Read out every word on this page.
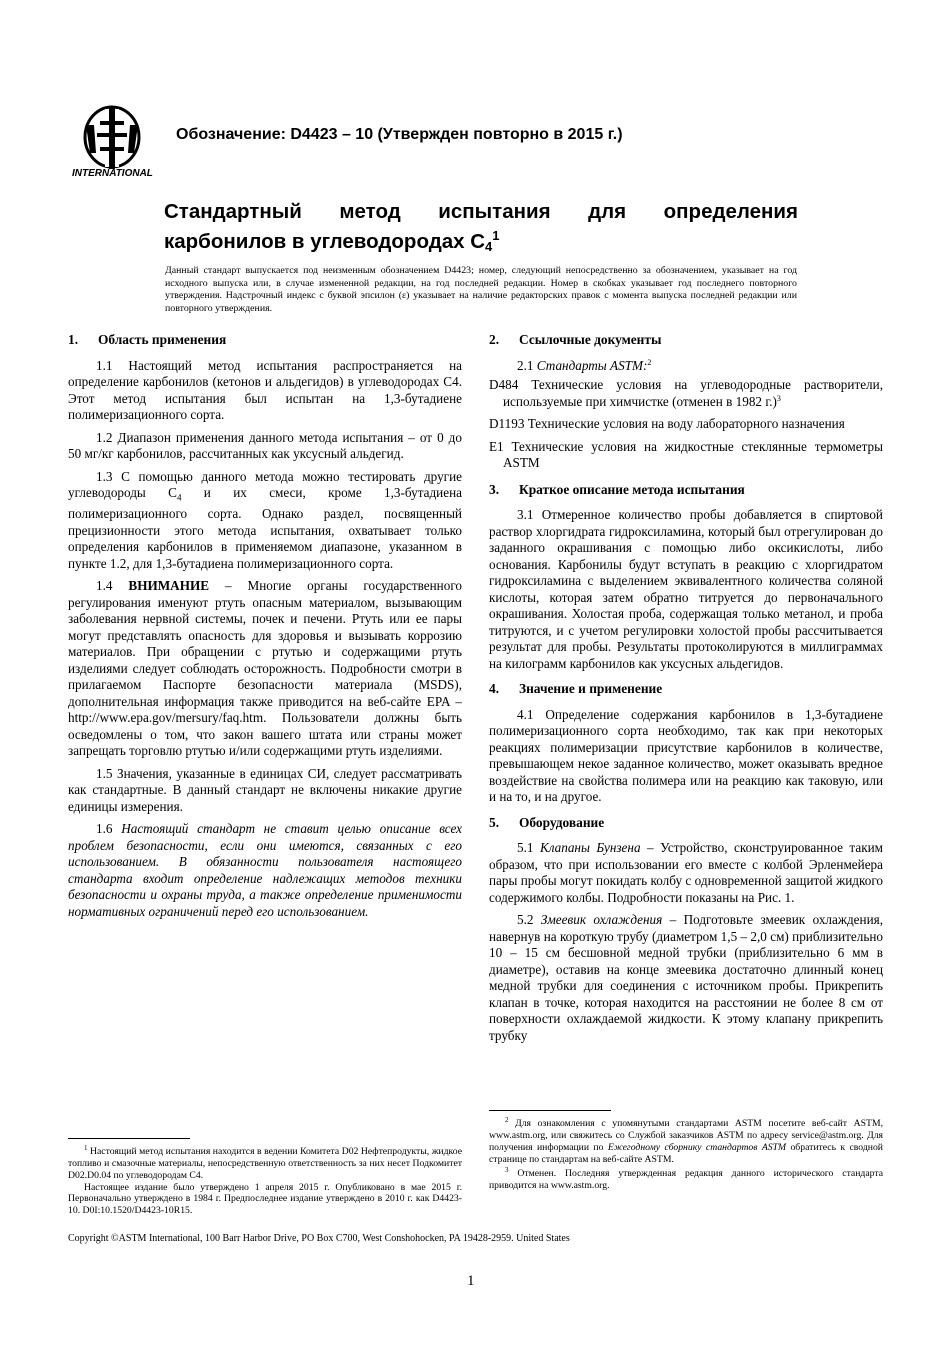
INTERNATIONAL
Обозначение: D4423 – 10 (Утвержден повторно в 2015 г.)
Стандартный метод испытания для определения карбонилов в углеводородах $C_4^1$
Данный стандарт выпускается под неизменным обозначением D4423; номер, следующий непосредственно за обозначением, указывает на год исходного выпуска или, в случае измененной редакции, на год последней редакции. Номер в скобках указывает год последнего повторного утверждения. Надстрочный индекс с буквой эпсилон (ε) указывает на наличие редакторских правок с момента выпуска последней редакции или повторного утверждения.

1. Область применения

1.1 Настоящий метод испытания распространяется на определение карбонилов (кетонов и альдегидов) в углеводородах C4. Этот метод испытания был испытан на 1,3-бутадиене полимеризационного сорта.

1.2 Диапазон применения данного метода испытания – от 0 до 50 мг/кг карбонилов, рассчитанных как уксусный альдегид.

1.3 С помощью данного метода можно тестировать другие углеводороды $C_4$ и их смеси, кроме 1,3-бутадиена полимеризационного сорта. Однако раздел, посвященный прецизионности этого метода испытания, охватывает только определения карбонилов в применяемом диапазоне, указанном в пункте 1.2, для 1,3-бутадиена полимеризационного сорта.

1.4 ВНИМАНИЕ – Многие органы государственного регулирования именуют ртуть опасным материалом, вызывающим заболевания нервной системы, почек и печени. Ртуть или ее пары могут представлять опасность для здоровья и вызывать коррозию материалов. При обращении с ртутью и содержащими ртуть изделиями следует соблюдать осторожность. Подробности смотри в прилагаемом Паспорте безопасности материала (MSDS), дополнительная информация также приводится на веб-сайте EPA – http://www.epa.gov/mersury/faq.htm. Пользователи должны быть осведомлены о том, что закон вашего штата или страны может запрещать торговлю ртутью и/или содержащими ртуть изделиями.

1.5 Значения, указанные в единицах СИ, следует рассматривать как стандартные. В данный стандарт не включены никакие другие единицы измерения.

1.6 Настоящий стандарт не ставит целью описание всех проблем безопасности, если они имеются, связанных с его использованием. В обязанности пользователя настоящего стандарта входит определение надлежащих методов техники безопасности и охраны труда, а также определение применимости нормативных ограничений перед его использованием.

$^1$ Настоящий метод испытания находится в ведении Комитета D02 Нефтепродукты, жидкое топливо и смазочные материалы, непосредственную ответственность за них несет Подкомитет D02.D0.04 по углеводородам C4.

Настоящее издание было утверждено 1 апреля 2015 г. Опубликовано в мае 2015 г. Первоначально утверждено в 1984 г. Предпоследнее издание утверждено в 2010 г. как D4423-10. D0I:10.1520/D4423-10R15.

2. Ссылочные документы

2.1 Стандарты ASTM:$^2$

D484 Технические условия на углеводородные растворители, используемые при химчистке (отменен в 1982 г.)$^3$

D1193 Технические условия на воду лабораторного назначения

E1 Технические условия на жидкостные стеклянные термометры ASTM

3. Краткое описание метода испытания

3.1 Отмеренное количество пробы добавляется в спиртовой раствор хлоргидрата гидроксиламина, который был отрегулирован до заданного окрашивания с помощью либо оксикислоты, либо основания. Карбонилы будут вступать в реакцию с хлоргидратом гидроксиламина с выделением эквивалентного количества соляной кислоты, которая затем обратно титруется до первоначального окрашивания. Холостая проба, содержащая только метанол, и проба титруются, и с учетом регулировки холостой пробы рассчитывается результат для пробы. Результаты протоколируются в миллиграммах на килограмм карбонилов как уксусных альдегидов.

4. Значение и применение

4.1 Определение содержания карбонилов в 1,3-бутадиене полимеризационного сорта необходимо, так как при некоторых реакциях полимеризации присутствие карбонилов в количестве, превышающем некое заданное количество, может оказывать вредное воздействие на свойства полимера или на реакцию как таковую, или и на то, и на другое.

5. Оборудование

5.1 Клапаны Бунзена – Устройство, сконструированное таким образом, что при использовании его вместе с колбой Эрленмейера пары пробы могут покидать колбу с одновременной защитой жидкого содержимого колбы. Подробности показаны на Рис. 1.

5.2 Змеевик охлаждения – Подготовьте змеевик охлаждения, навернув на короткую трубу (диаметром 1,5 – 2,0 см) приблизительно 10 – 15 см бесшовной медной трубки (приблизительно 6 мм в диаметре), оставив на конце змеевика достаточно длинный конец медной трубки для соединения с источником пробы. Прикрепить клапан в точке, которая находится на расстоянии не более 8 см от поверхности охлаждаемой жидкости. К этому клапану прикрепить трубку

$^2$ Для ознакомления с упомянутыми стандартами ASTM посетите веб-сайт ASTM, www.astm.org, или свяжитесь со Службой заказчиков ASTM по адресу service@astm.org. Для получения информации по Ежегодному сборнику стандартов ASTM обратитесь к сводной странице по стандартам на веб-сайте ASTM.

$^3$ Отменен. Последняя утвержденная редакция данного исторического стандарта приводится на www.astm.org.

Copyright ©ASTM International, 100 Barr Harbor Drive, PO Box C700, West Conshohocken, PA 19428-2959. United States
1
